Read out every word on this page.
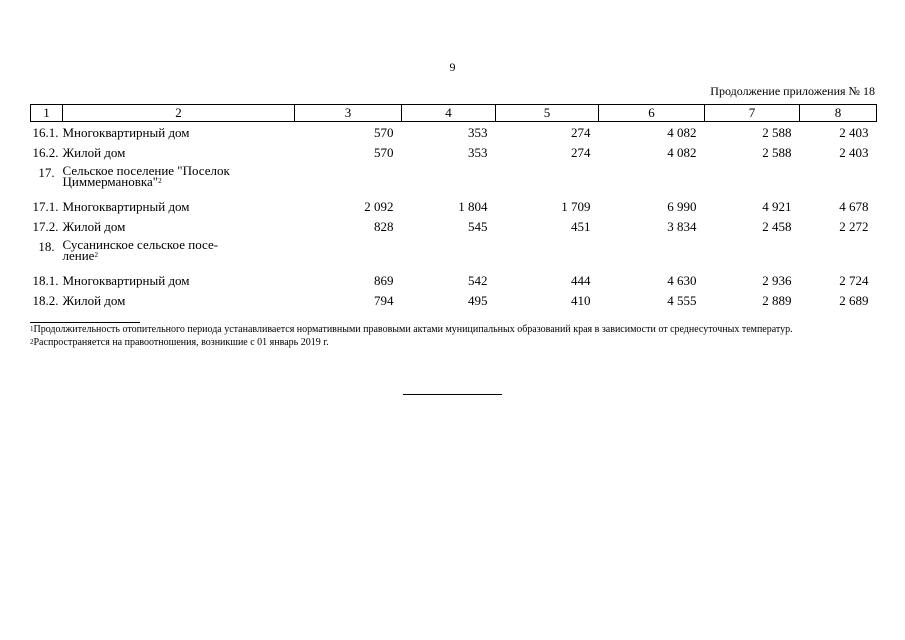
9
Продолжение приложения № 18
1	2	3	4	5	6	7	8
16.1.	Многоквартирный дом	570	353	274	4 082	2 588	2 403
16.2.	Жилой дом	570	353	274	4 082	2 588	2 403
17.	Сельское поселение "Поселок
Циммермановка"$^2$
17.1.	Многоквартирный дом	2 092	1 804	1 709	6 990	4 921	4 678
17.2.	Жилой дом	828	545	451	3 834	2 458	2 272
18.	Сусанинское сельское посе-
ление$^2$
18.1.	Многоквартирный дом	869	542	444	4 630	2 936	2 724
18.2.	Жилой дом	794	495	410	4 555	2 889	2 689

$^1$Продолжительность отопительного периода устанавливается нормативными правовыми актами муниципальных образований края в зависимости от среднесуточных температур.

$^2$Распространяется на правоотношения, возникшие с 01 январь 2019 г.
